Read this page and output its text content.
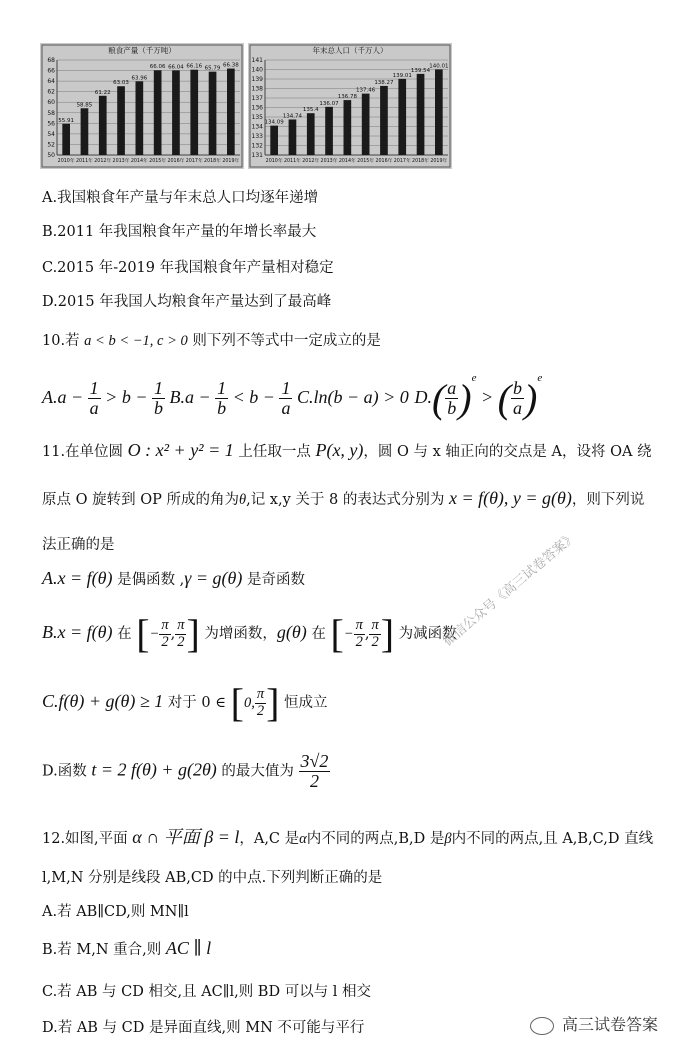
粮食产量（千万吨）
50
52
54
56
58
60
62
64
66
68
55.91
2010年
58.85
2011年
61.22
2012年
63.03
2013年
63.96
2014年
66.06
2015年
66.04
2016年
66.16
2017年
65.79
2018年
66.38
2019年
年末总人口（千万人）
131
132
133
134
135
136
137
138
139
140
141
134.09
2010年
134.74
2011年
135.4
2012年
136.07
2013年
136.78
2014年
137.46
2015年
138.27
2016年
139.01
2017年
139.54
2018年
140.01
2019年
A.我国粮食年产量与年末总人口均逐年递增
B.2011 年我国粮食年产量的年增长率最大
C.2015 年-2019 年我国粮食年产量相对稳定
D.2015 年我国人均粮食年产量达到了最高峰
10.若 a < b < −1, c > 0 则下列不等式中一定成立的是
$A.a - \frac{1}{a} > b - \frac{1}{b} B.a - \frac{1}{b} < b - \frac{1}{a} C.\ln(b - a) > 0$ $D.( \frac{a}{b} )^e$ > ( $\frac{b}{a} )^e$
11.在单位圆 O : x² + y² = 1 上任取一点 P(x, y)，圆 O 与 x 轴正向的交点是 A，设将 OA 绕
原点 O 旋转到 OP 所成的角为θ,记 x,y 关于 8 的表达式分别为 x = f(θ), y = g(θ)，则下列说
法正确的是
A.x = f(θ) 是偶函数 ,γ = g(θ) 是奇函数
B.x = f(θ) 在 [− $\frac{\pi}{2}$ , $\frac{\pi}{2}$ ] 为增函数，g(θ) 在 [− $\frac{\pi}{2}$ , $\frac{\pi}{2}$ ] 为减函数
C.f(θ) + g(θ) ≥ 1 对于 0 ∈ [0, $\frac{\pi}{2}$ ] 恒成立
D.函数 t = 2 f(θ) + g(2θ) 的最大值为 $\frac{3√2}{2}$
12.如图,平面 α ∩ 平面 β = l，A,C 是α内不同的两点,B,D 是β内不同的两点,且 A,B,C,D 直线
l,M,N 分别是线段 AB,CD 的中点.下列判断正确的是
A.若 AB∥CD,则 MN∥l
B.若 M,N 重合,则 AC ∥ l
C.若 AB 与 CD 相交,且 AC∥l,则 BD 可以与 l 相交
D.若 AB 与 CD 是异面直线,则 MN 不可能与平行
微信公众号《高三试卷答案》
高三试卷答案
